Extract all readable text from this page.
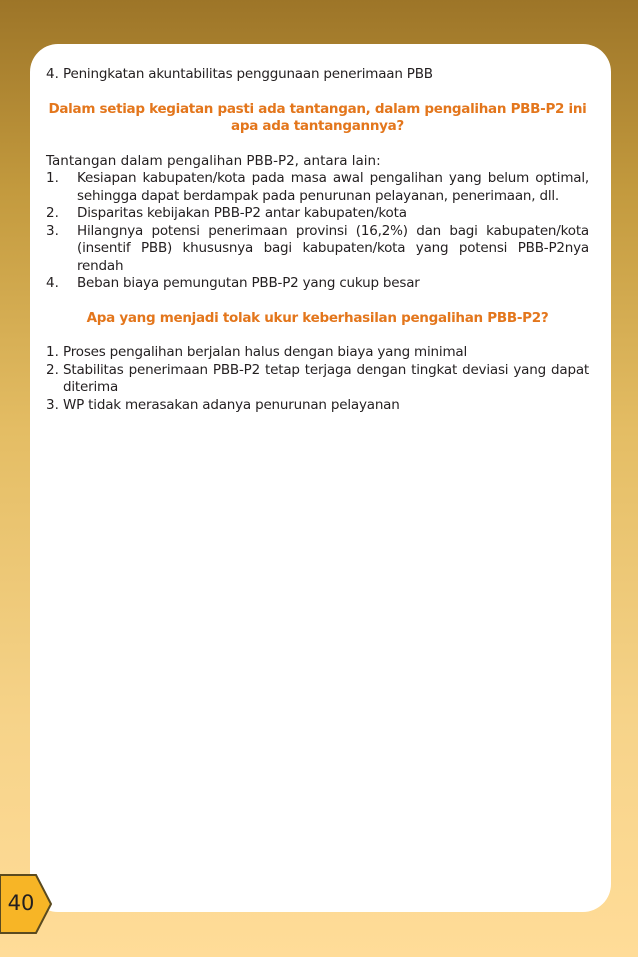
4. Peningkatan akuntabilitas penggunaan penerimaan PBB

Dalam setiap kegiatan pasti ada tantangan, dalam pengalihan PBB-P2 ini
apa ada tantangannya?

Tantangan dalam pengalihan PBB-P2, antara lain:

1.	Kesiapan kabupaten/kota pada masa awal pengalihan yang belum optimal, sehingga dapat berdampak pada penurunan pelayanan, penerimaan, dll.
2.	Disparitas kebijakan PBB-P2 antar kabupaten/kota
3.	Hilangnya potensi penerimaan provinsi (16,2%) dan bagi kabupaten/kota (insentif PBB) khususnya bagi kabupaten/kota yang potensi PBB-P2nya rendah
4.	Beban biaya pemungutan PBB-P2 yang cukup besar

Apa yang menjadi tolak ukur keberhasilan pengalihan PBB-P2?

1. Proses pengalihan berjalan halus dengan biaya yang minimal
2. Stabilitas penerimaan PBB-P2 tetap terjaga dengan tingkat deviasi yang dapat diterima
3. WP tidak merasakan adanya penurunan pelayanan
40
